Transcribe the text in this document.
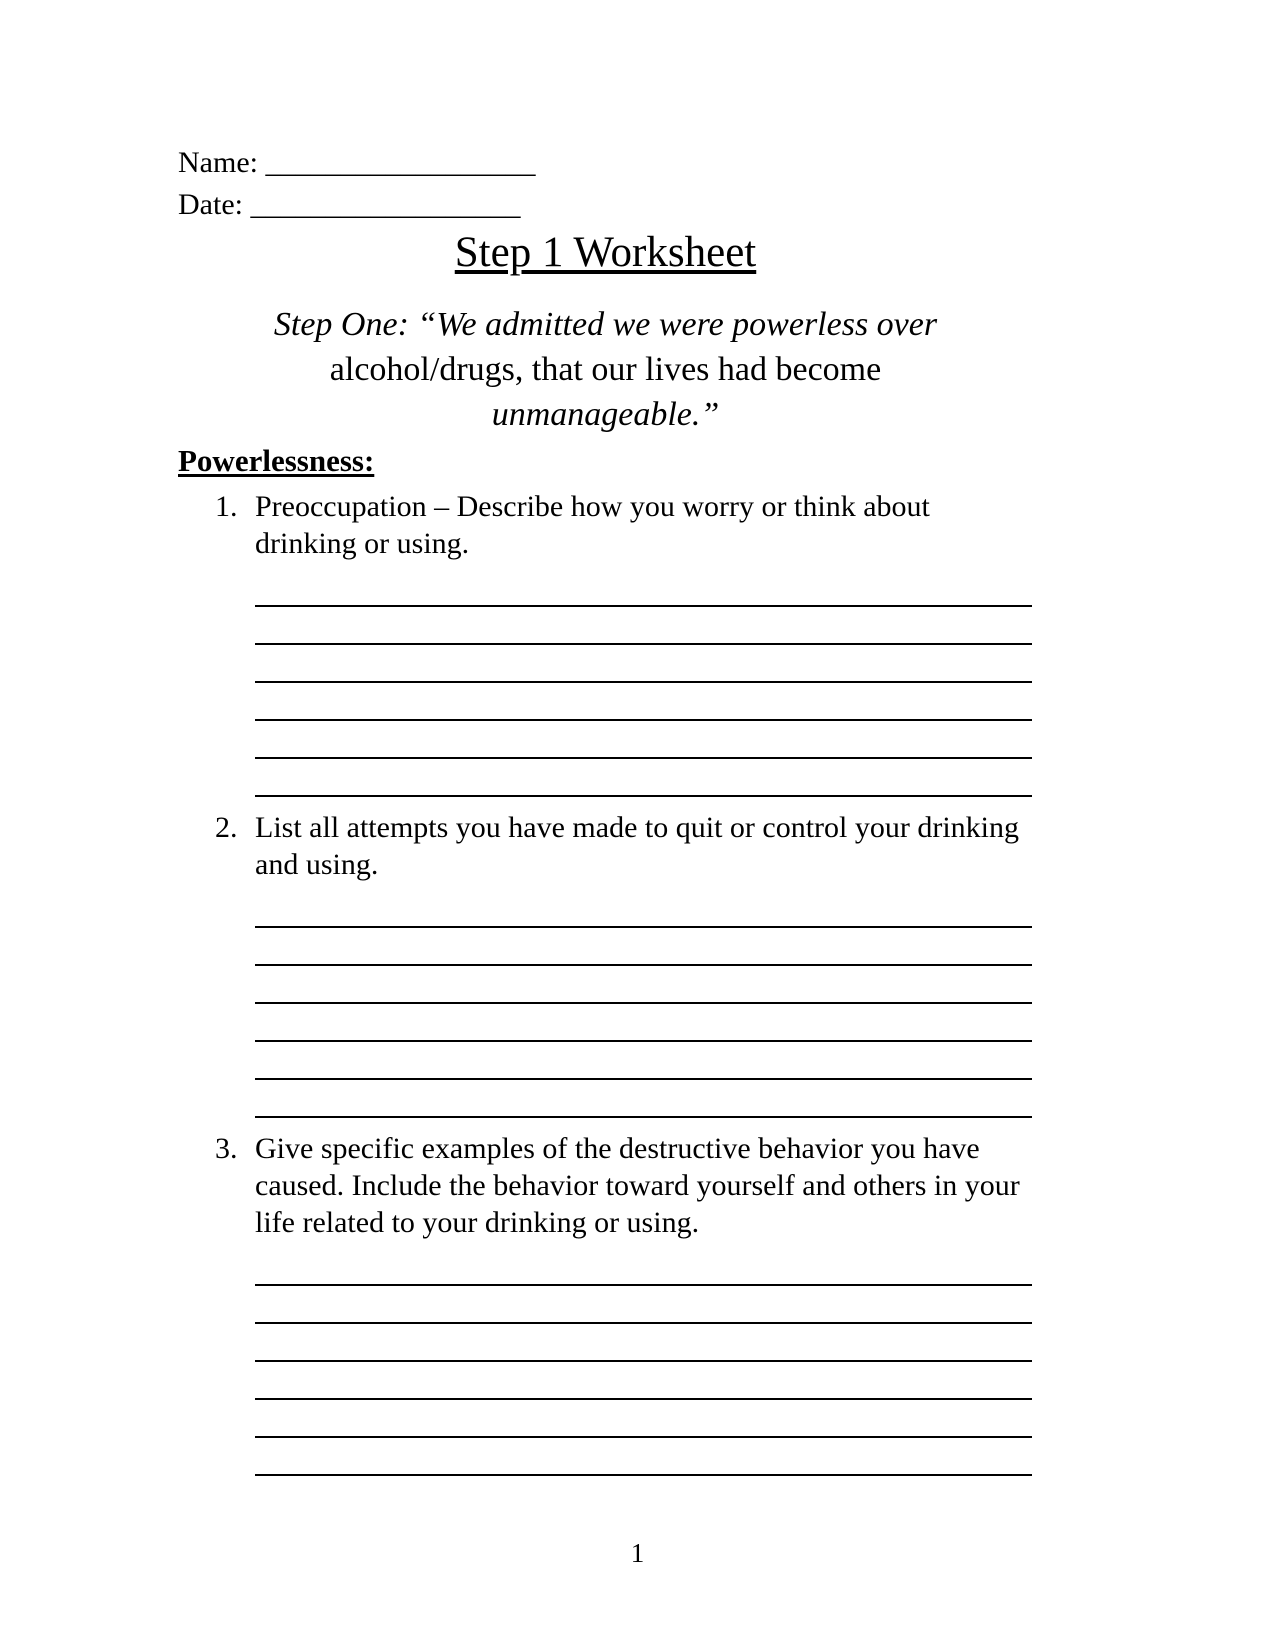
Name: __________________
Date: __________________
Step 1 Worksheet
Step One: “We admitted we were powerless over
alcohol/drugs, that our lives had become
unmanageable.”
Powerlessness:
1. Preoccupation – Describe how you worry or think about drinking or using.
2. List all attempts you have made to quit or control your drinking and using.
3. Give specific examples of the destructive behavior you have caused. Include the behavior toward yourself and others in your life related to your drinking or using.
1
